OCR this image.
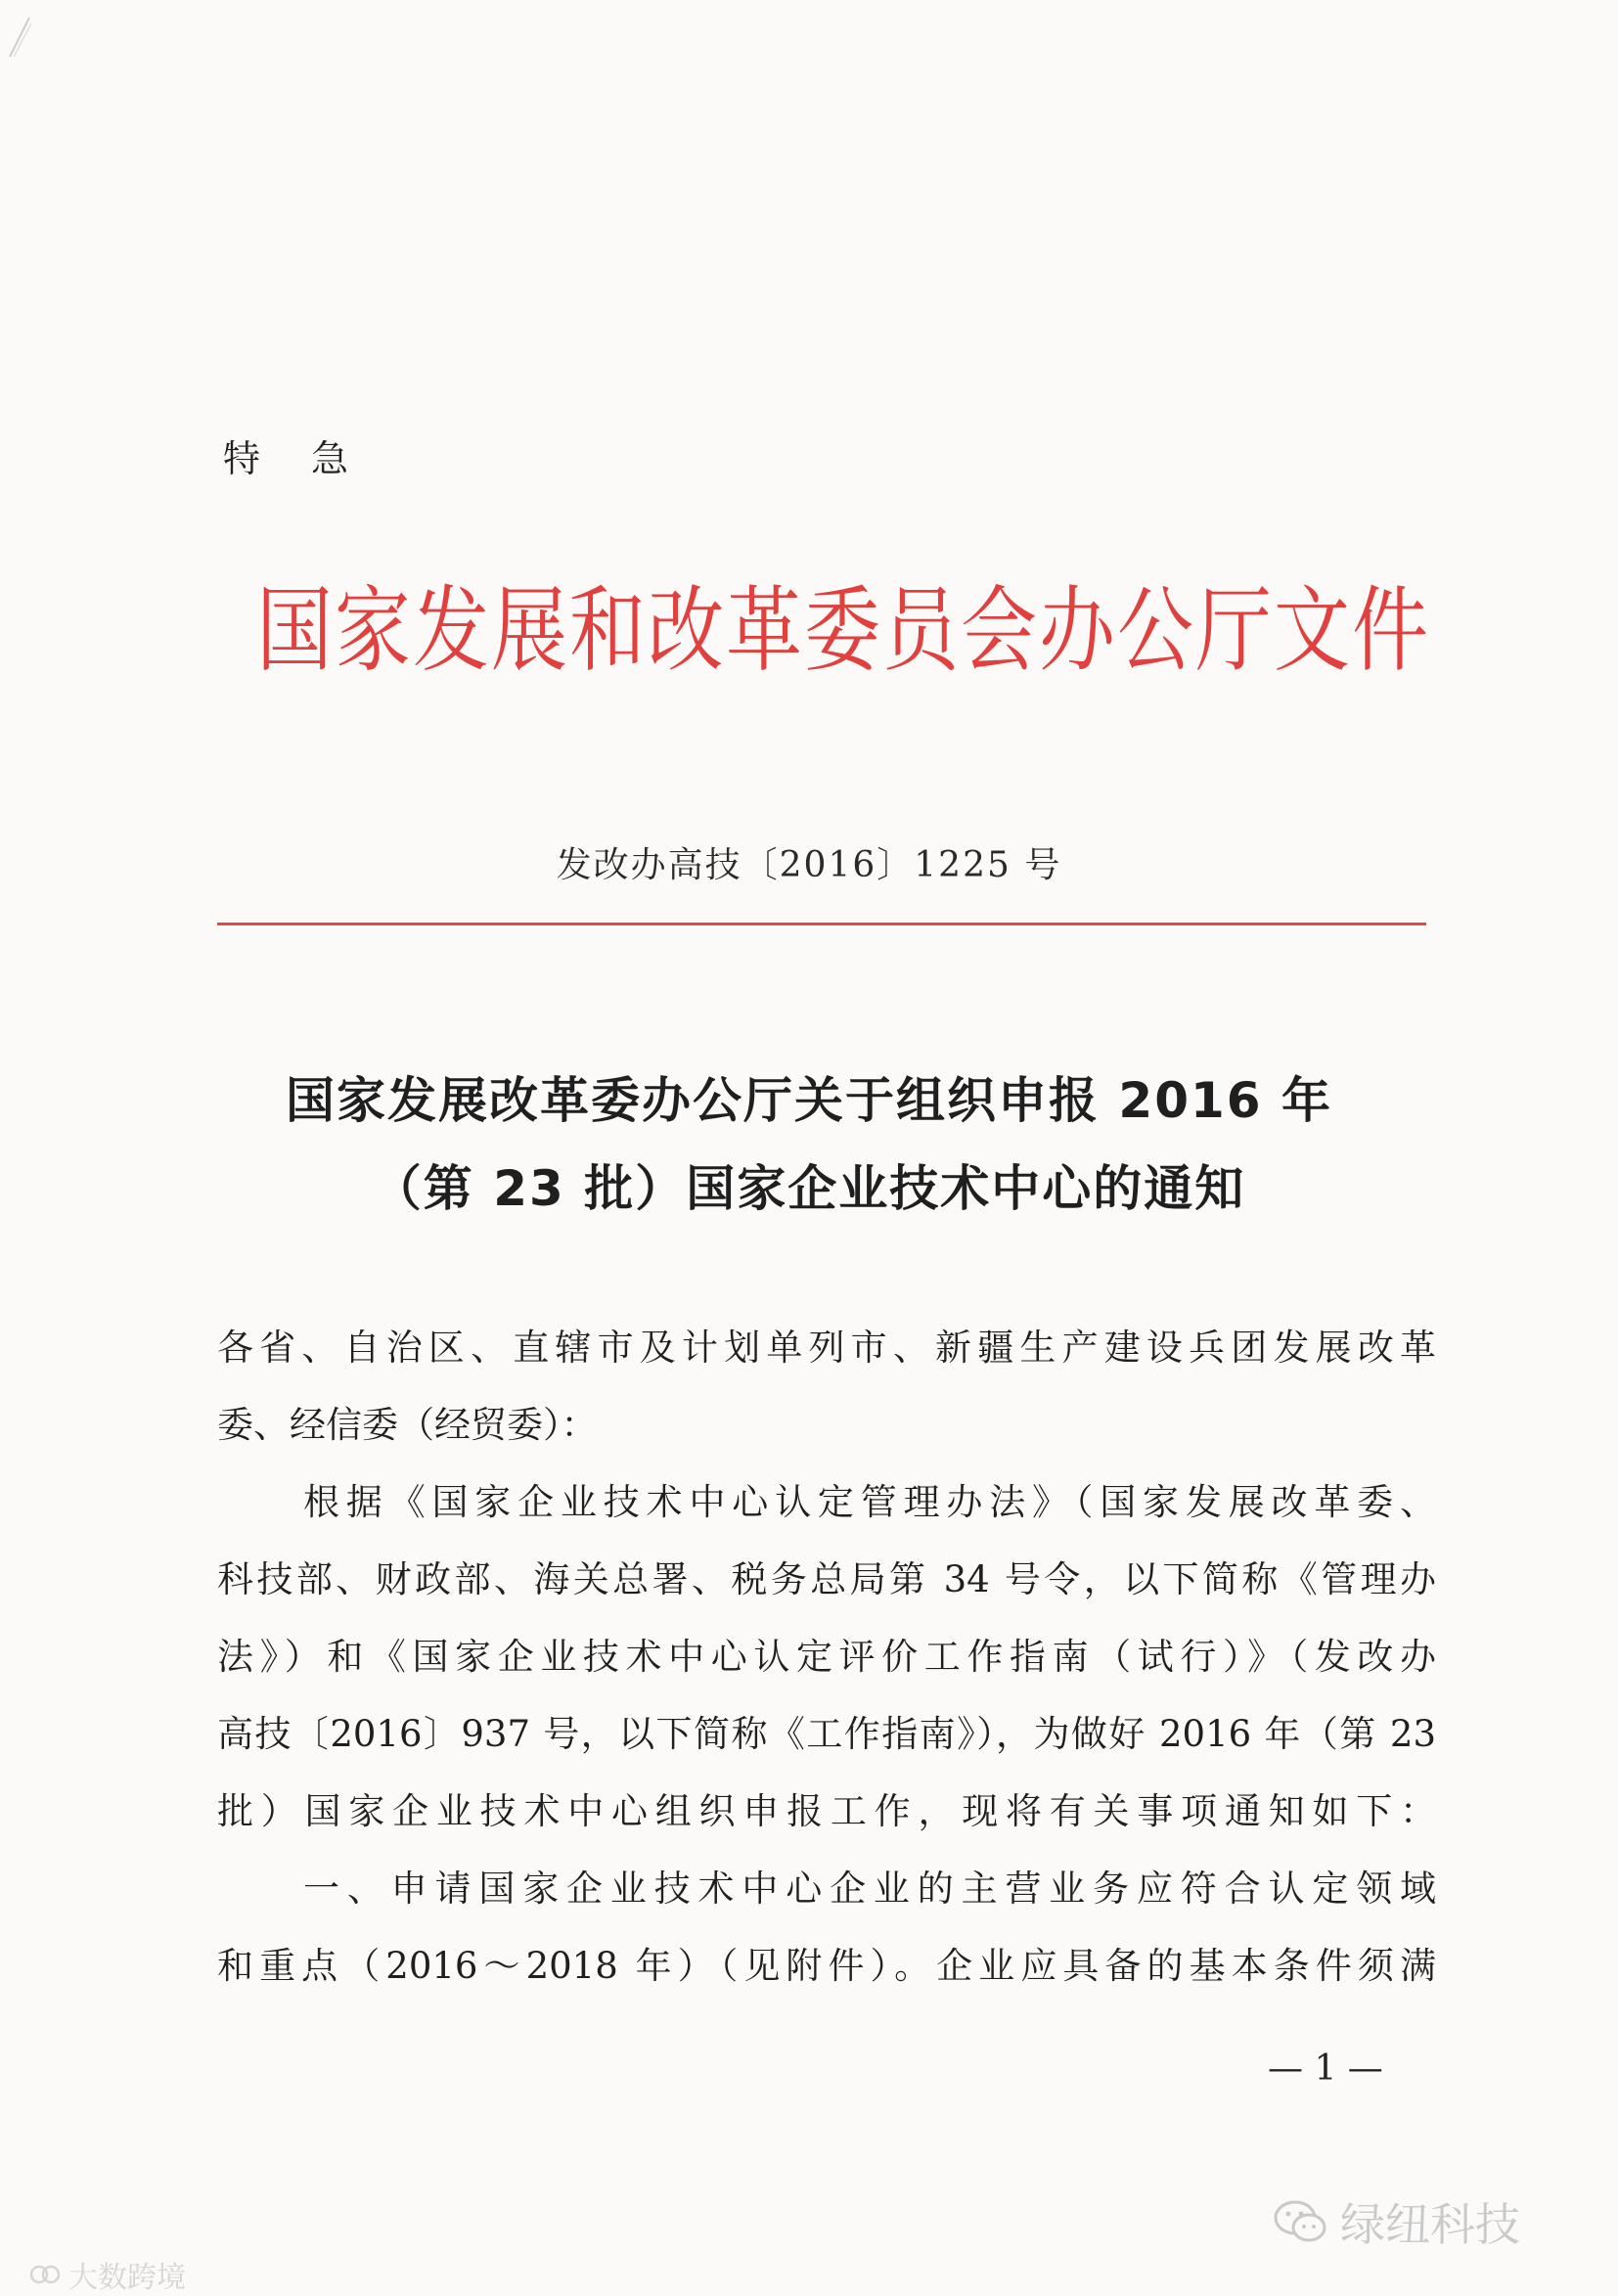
特急
国家发展和改革委员会办公厅文件
发改办高技〔2016〕1225 号
国家发展改革委办公厅关于组织申报 2016 年
（第 23 批）国家企业技术中心的通知
各省、自治区、直辖市及计划单列市、新疆生产建设兵团发展改革
委、经信委（经贸委）：
根据《国家企业技术中心认定管理办法》（国家发展改革委、
科技部、财政部、海关总署、税务总局第 34 号令，以下简称《管理办
法》）和《国家企业技术中心认定评价工作指南（试行）》（发改办
高技〔2016〕937 号，以下简称《工作指南》），为做好 2016 年（第 23
批）国家企业技术中心组织申报工作，现将有关事项通知如下：
一、申请国家企业技术中心企业的主营业务应符合认定领域
和重点（2016～2018 年）（见附件）。企业应具备的基本条件须满
— 1 —
绿纽科技
大数跨境
